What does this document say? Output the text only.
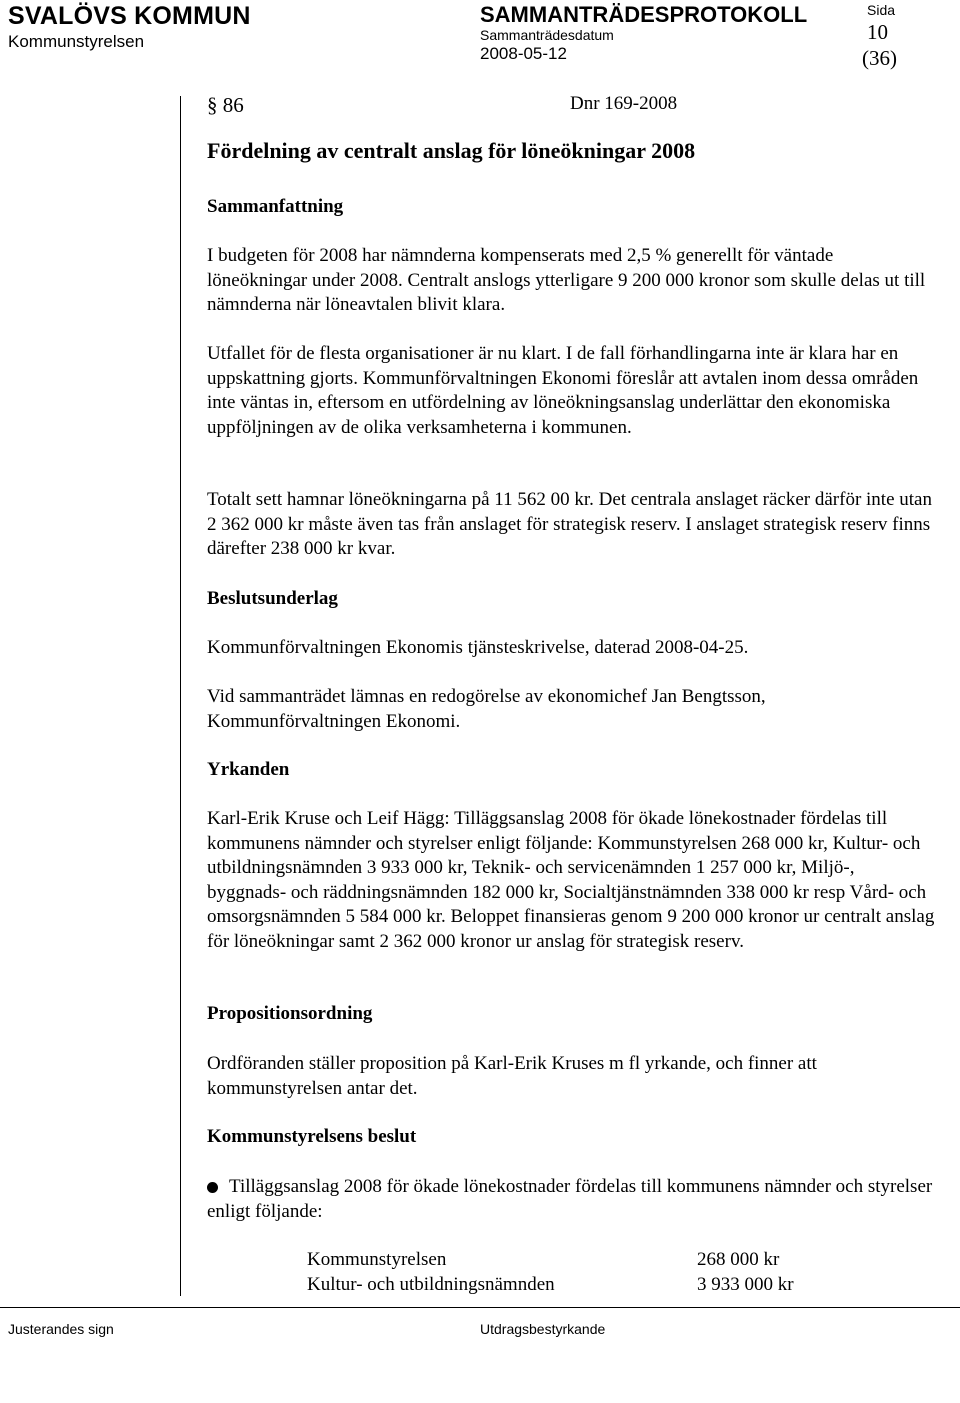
SVALÖVS KOMMUN
Kommunstyrelsen
SAMMANTRÄDESPROTOKOLL
Sammanträdesdatum
2008-05-12
Sida
10
(36)
§ 86	Dnr 169-2008
Fördelning av centralt anslag för löneökningar 2008
Sammanfattning
I budgeten för 2008 har nämnderna kompenserats med 2,5 % generellt för väntade löneökningar under 2008. Centralt anslogs ytterligare 9 200 000 kronor som skulle delas ut till nämnderna när löneavtalen blivit klara.
Utfallet för de flesta organisationer är nu klart. I de fall förhandlingarna inte är klara har en uppskattning gjorts. Kommunförvaltningen Ekonomi föreslår att avtalen inom dessa områden inte väntas in, eftersom en utfördelning av löneökningsanslag underlättar den ekonomiska uppföljningen av de olika verksamheterna i kommunen.
Totalt sett hamnar löneökningarna på 11 562 00 kr. Det centrala anslaget räcker därför inte utan 2 362 000 kr måste även tas från anslaget för strategisk reserv. I anslaget strategisk reserv finns därefter 238 000 kr kvar.
Beslutsunderlag
Kommunförvaltningen Ekonomis tjänsteskrivelse, daterad 2008-04-25.
Vid sammanträdet lämnas en redogörelse av ekonomichef Jan Bengtsson, Kommunförvaltningen Ekonomi.
Yrkanden
Karl-Erik Kruse och Leif Hägg: Tilläggsanslag 2008 för ökade lönekostnader fördelas till kommunens nämnder och styrelser enligt följande: Kommunstyrelsen 268 000 kr, Kultur- och utbildningsnämnden 3 933 000 kr, Teknik- och servicenämnden 1 257 000 kr, Miljö-, byggnads- och räddningsnämnden 182 000 kr, Socialtjänstnämnden 338 000 kr resp Vård- och omsorgsnämnden 5 584 000 kr. Beloppet finansieras genom 9 200 000 kronor ur centralt anslag för löneökningar samt 2 362 000 kronor ur anslag för strategisk reserv.
Propositionsordning
Ordföranden ställer proposition på Karl-Erik Kruses m fl yrkande, och finner att kommunstyrelsen antar det.
Kommunstyrelsens beslut
Tilläggsanslag 2008 för ökade lönekostnader fördelas till kommunens nämnder och styrelser enligt följande:
Kommunstyrelsen	268 000 kr
Kultur- och utbildningsnämnden	3 933 000 kr
Justerandes sign	Utdragsbestyrkande
